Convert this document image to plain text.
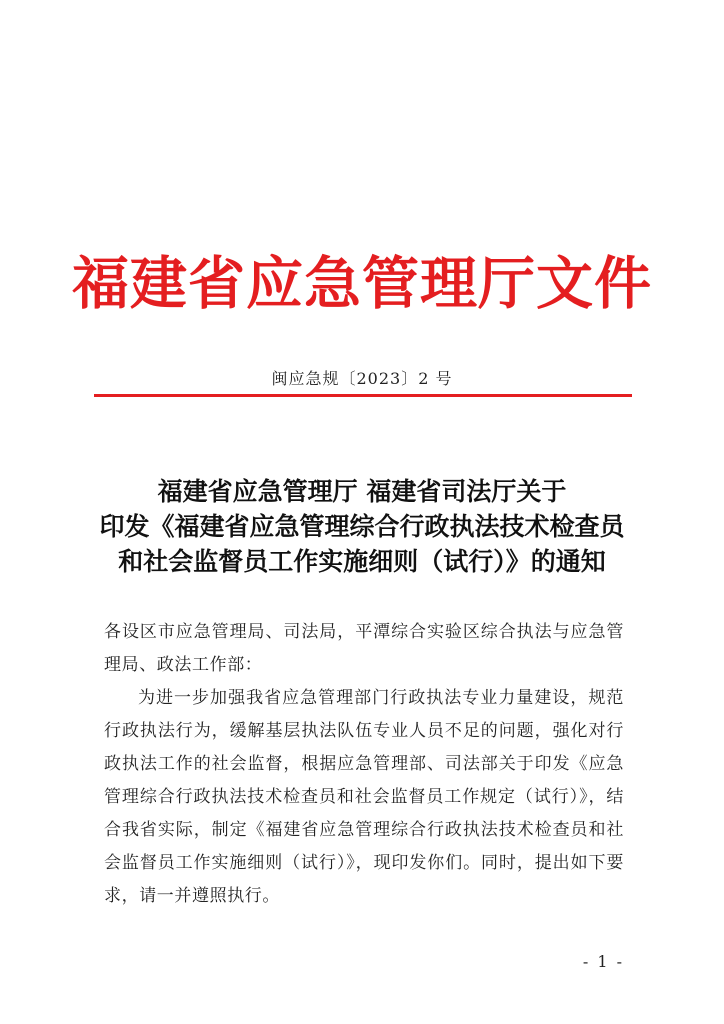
福建省应急管理厅文件
闽应急规〔2023〕2 号
福建省应急管理厅 福建省司法厅关于
印发《福建省应急管理综合行政执法技术检查员
和社会监督员工作实施细则（试行）》的通知

各设区市应急管理局、司法局，平潭综合实验区综合执法与应急管理局、政法工作部：

为进一步加强我省应急管理部门行政执法专业力量建设，规范行政执法行为，缓解基层执法队伍专业人员不足的问题，强化对行政执法工作的社会监督，根据应急管理部、司法部关于印发《应急管理综合行政执法技术检查员和社会监督员工作规定（试行）》，结合我省实际，制定《福建省应急管理综合行政执法技术检查员和社会监督员工作实施细则（试行）》，现印发你们。同时，提出如下要求，请一并遵照执行。

- 1 -
